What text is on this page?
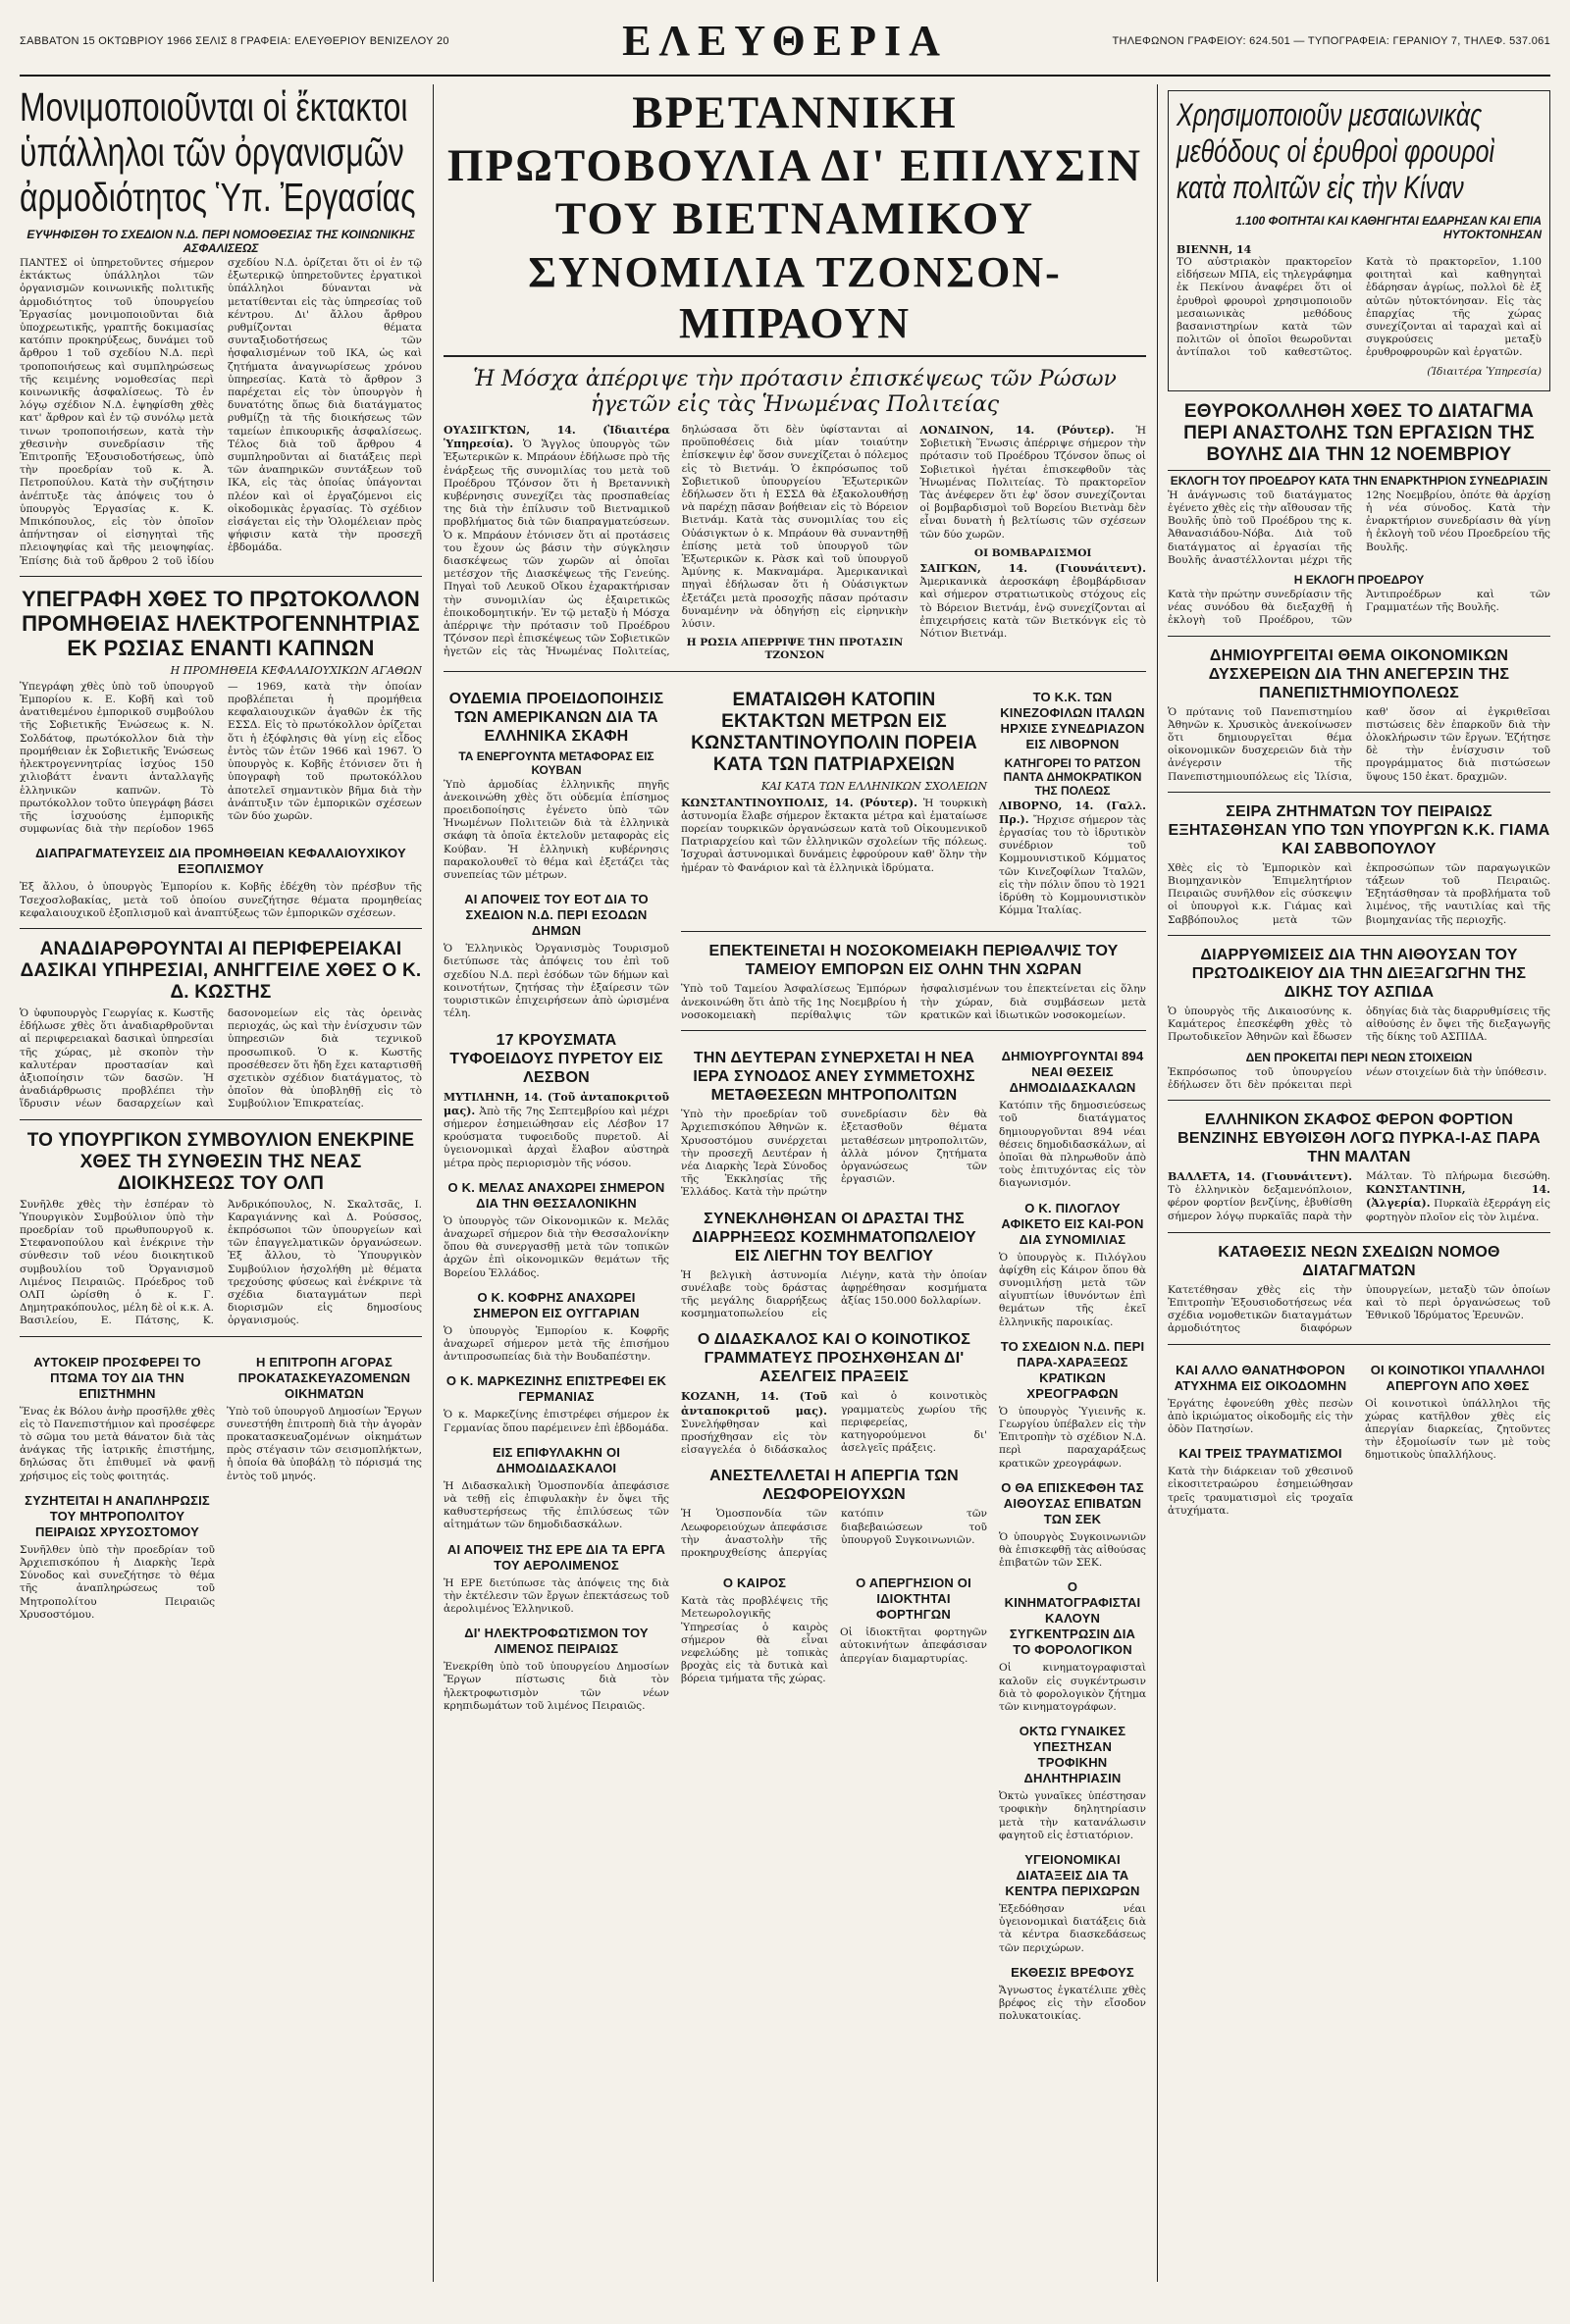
ΣΑΒΒΑΤΟΝ 15 ΟΚΤΩΒΡΙΟΥ 1966 ΣΕΛΙΣ 8 ΓΡΑΦΕΙΑ: ΕΛΕΥΘΕΡΙΟΥ ΒΕΝΙΖΕΛΟΥ 20	ΕΛΕΥΘΕΡΙΑ	ΤΗΛΕΦΩΝΟΝ ΓΡΑΦΕΙΟΥ: 624.501 — ΤΥΠΟΓΡΑΦΕΙΑ: ΓΕΡΑΝΙΟΥ 7, ΤΗΛΕΦ. 537.061
Μονιμοποιοῦνται οἱ ἔκτακτοι ὑπάλληλοι τῶν ὀργανισμῶν ἀρμοδιότητος Ὑπ. Ἐργασίας
ΕΥΨΗΦΙΣΘΗ ΤΟ ΣΧΕΔΙΟΝ Ν.Δ. ΠΕΡΙ ΝΟΜΟΘΕΣΙΑΣ ΤΗΣ ΚΟΙΝΩΝΙΚΗΣ ΑΣΦΑΛΙΣΕΩΣ
ΠΑΝΤΕΣ οἱ ὑπηρετοῦντες σήμερον ἐκτάκτως ὑπάλληλοι τῶν ὀργανισμῶν κοινωνικῆς πολιτικῆς ἁρμοδιότητος τοῦ ὑπουργείου Ἐργασίας μονιμοποιοῦνται διὰ ὑποχρεωτικῆς, γραπτῆς δοκιμασίας κατόπιν προκηρύξεως, δυνάμει τοῦ ἄρθρου 1 τοῦ σχεδίου Ν.Δ. περὶ τροποποιήσεως καὶ συμπληρώσεως τῆς κειμένης νομοθεσίας περὶ κοινωνικῆς ἀσφαλίσεως. Τὸ ἐν λόγῳ σχέδιον Ν.Δ. ἐψηφίσθη χθὲς κατ' ἄρθρον καὶ ἐν τῷ συνόλῳ μετὰ τινων τροποποιήσεων, κατὰ τὴν χθεσινὴν συνεδρίασιν τῆς Ἐπιτροπῆς Ἐξουσιοδοτήσεως, ὑπὸ τὴν προεδρίαν τοῦ κ. Ἀ. Πετροπούλου. Κατὰ τὴν συζήτησιν ἀνέπτυξε τὰς ἀπόψεις του ὁ ὑπουργὸς Ἐργασίας κ. Κ. Μπικόπουλος, εἰς τὸν ὁποῖον ἀπήντησαν οἱ εἰσηγηταὶ τῆς πλειοψηφίας καὶ τῆς μειοψηφίας. Ἐπίσης διὰ τοῦ ἄρθρου 2 τοῦ ἰδίου σχεδίου Ν.Δ. ὁρίζεται ὅτι οἱ ἐν τῷ ἐξωτερικῷ ὑπηρετοῦντες ἐργατικοὶ ὑπάλληλοι δύνανται νὰ μετατίθενται εἰς τὰς ὑπηρεσίας τοῦ κέντρου. Δι' ἄλλου ἄρθρου ρυθμίζονται θέματα συνταξιοδοτήσεως τῶν ἠσφαλισμένων τοῦ ΙΚΑ, ὡς καὶ ζητήματα ἀναγνωρίσεως χρόνου ὑπηρεσίας. Κατὰ τὸ ἄρθρον 3 παρέχεται εἰς τὸν ὑπουργὸν ἡ δυνατότης ὅπως διὰ διατάγματος ρυθμίζῃ τὰ τῆς διοικήσεως τῶν ταμείων ἐπικουρικῆς ἀσφαλίσεως. Τέλος διὰ τοῦ ἄρθρου 4 συμπληροῦνται αἱ διατάξεις περὶ τῶν ἀναπηρικῶν συντάξεων τοῦ ΙΚΑ, εἰς τὰς ὁποίας ὑπάγονται πλέον καὶ οἱ ἐργαζόμενοι εἰς οἰκοδομικὰς ἐργασίας. Τὸ σχέδιον εἰσάγεται εἰς τὴν Ὁλομέλειαν πρὸς ψήφισιν κατὰ τὴν προσεχῆ ἑβδομάδα.
ΥΠΕΓΡΑΦΗ ΧΘΕΣ ΤΟ ΠΡΩΤΟΚΟΛΛΟΝ ΠΡΟΜΗΘΕΙΑΣ ΗΛΕΚΤΡΟΓΕΝΝΗΤΡΙΑΣ ΕΚ ΡΩΣΙΑΣ ΕΝΑΝΤΙ ΚΑΠΝΩΝ
Η ΠΡΟΜΗΘΕΙΑ ΚΕΦΑΛΑΙΟΥΧΙΚΩΝ ΑΓΑΘΩΝ
Ὑπεγράφη χθὲς ὑπὸ τοῦ ὑπουργοῦ Ἐμπορίου κ. Ε. Κοβῆ καὶ τοῦ ἀνατιθεμένου ἐμπορικοῦ συμβούλου τῆς Σοβιετικῆς Ἑνώσεως κ. Ν. Σολδάτοφ, πρωτόκολλον διὰ τὴν προμήθειαν ἐκ Σοβιετικῆς Ἑνώσεως ἡλεκτρογεννητρίας ἰσχύος 150 χιλιοβάττ ἐναντι ἀνταλλαγῆς ἑλληνικῶν καπνῶν. Τὸ πρωτόκολλον τοῦτο ὑπεγράφη βάσει τῆς ἰσχυούσης ἐμπορικῆς συμφωνίας διὰ τὴν περίοδον 1965 — 1969, κατὰ τὴν ὁποίαν προβλέπεται ἡ προμήθεια κεφαλαιουχικῶν ἀγαθῶν ἐκ τῆς ΕΣΣΔ. Εἰς τὸ πρωτόκολλον ὁρίζεται ὅτι ἡ ἐξόφλησις θὰ γίνῃ εἰς εἶδος ἐντὸς τῶν ἐτῶν 1966 καὶ 1967. Ὁ ὑπουργὸς κ. Κοβῆς ἐτόνισεν ὅτι ἡ ὑπογραφὴ τοῦ πρωτοκόλλου ἀποτελεῖ σημαντικὸν βῆμα διὰ τὴν ἀνάπτυξιν τῶν ἐμπορικῶν σχέσεων τῶν δύο χωρῶν.
ΔΙΑΠΡΑΓΜΑΤΕΥΣΕΙΣ ΔΙΑ ΠΡΟΜΗΘΕΙΑΝ ΚΕΦΑΛΑΙΟΥΧΙΚΟΥ ΕΞΟΠΛΙΣΜΟΥ
Ἐξ ἄλλου, ὁ ὑπουργὸς Ἐμπορίου κ. Κοβῆς ἐδέχθη τὸν πρέσβυν τῆς Τσεχοσλοβακίας, μετὰ τοῦ ὁποίου συνεζήτησε θέματα προμηθείας κεφαλαιουχικοῦ ἐξοπλισμοῦ καὶ ἀναπτύξεως τῶν ἐμπορικῶν σχέσεων.
ΑΝΑΔΙΑΡΘΡΟΥΝΤΑΙ ΑΙ ΠΕΡΙΦΕΡΕΙΑΚΑΙ ΔΑΣΙΚΑΙ ΥΠΗΡΕΣΙΑΙ, ΑΝΗΓΓΕΙΛΕ ΧΘΕΣ Ο Κ. Δ. ΚΩΣΤΗΣ
Ὁ ὑφυπουργὸς Γεωργίας κ. Κωστῆς ἐδήλωσε χθὲς ὅτι ἀναδιαρθροῦνται αἱ περιφερειακαὶ δασικαὶ ὑπηρεσίαι τῆς χώρας, μὲ σκοπὸν τὴν καλυτέραν προστασίαν καὶ ἀξιοποίησιν τῶν δασῶν. Ἡ ἀναδιάρθρωσις προβλέπει τὴν ἵδρυσιν νέων δασαρχείων καὶ δασονομείων εἰς τὰς ὀρεινὰς περιοχάς, ὡς καὶ τὴν ἐνίσχυσιν τῶν ὑπηρεσιῶν διὰ τεχνικοῦ προσωπικοῦ. Ὁ κ. Κωστῆς προσέθεσεν ὅτι ἤδη ἔχει καταρτισθῆ σχετικὸν σχέδιον διατάγματος, τὸ ὁποῖον θὰ ὑποβληθῇ εἰς τὸ Συμβούλιον Ἐπικρατείας.
ΤΟ ΥΠΟΥΡΓΙΚΟΝ ΣΥΜΒΟΥΛΙΟΝ ΕΝΕΚΡΙΝΕ ΧΘΕΣ ΤΗ ΣΥΝΘΕΣΙΝ ΤΗΣ ΝΕΑΣ ΔΙΟΙΚΗΣΕΩΣ ΤΟΥ ΟΛΠ
Συνῆλθε χθὲς τὴν ἑσπέραν τὸ Ὑπουργικὸν Συμβούλιον ὑπὸ τὴν προεδρίαν τοῦ πρωθυπουργοῦ κ. Στεφανοπούλου καὶ ἐνέκρινε τὴν σύνθεσιν τοῦ νέου διοικητικοῦ συμβουλίου τοῦ Ὀργανισμοῦ Λιμένος Πειραιῶς. Πρόεδρος τοῦ ΟΛΠ ὡρίσθη ὁ κ. Γ. Δημητρακόπουλος, μέλη δὲ οἱ κ.κ. Α. Βασιλείου, Ε. Πάτσης, Κ. Ἀνδρικόπουλος, Ν. Σκαλτσᾶς, Ι. Καραγιάννης καὶ Δ. Ρούσσος, ἐκπρόσωποι τῶν ὑπουργείων καὶ τῶν ἐπαγγελματικῶν ὀργανώσεων. Ἐξ ἄλλου, τὸ Ὑπουργικὸν Συμβούλιον ἠσχολήθη μὲ θέματα τρεχούσης φύσεως καὶ ἐνέκρινε τὰ σχέδια διαταγμάτων περὶ διορισμῶν εἰς δημοσίους ὀργανισμούς.
ΑΥΤΟΚΕΙΡ ΠΡΟΣΦΕΡΕΙ ΤΟ ΠΤΩΜΑ ΤΟΥ ΔΙΑ ΤΗΝ ΕΠΙΣΤΗΜΗΝ
Ἕνας ἐκ Βόλου ἀνὴρ προσῆλθε χθὲς εἰς τὸ Πανεπιστήμιον καὶ προσέφερε τὸ σῶμα του μετὰ θάνατον διὰ τὰς ἀνάγκας τῆς ἰατρικῆς ἐπιστήμης, δηλώσας ὅτι ἐπιθυμεῖ νὰ φανῇ χρήσιμος εἰς τοὺς φοιτητάς.
ΣΥΖΗΤΕΙΤΑΙ Η ΑΝΑΠΛΗΡΩΣΙΣ ΤΟΥ ΜΗΤΡΟΠΟΛΙΤΟΥ ΠΕΙΡΑΙΩΣ ΧΡΥΣΟΣΤΟΜΟΥ
Συνῆλθεν ὑπὸ τὴν προεδρίαν τοῦ Ἀρχιεπισκόπου ἡ Διαρκὴς Ἱερὰ Σύνοδος καὶ συνεζήτησε τὸ θέμα τῆς ἀναπληρώσεως τοῦ Μητροπολίτου Πειραιῶς Χρυσοστόμου.
Η ΕΠΙΤΡΟΠΗ ΑΓΟΡΑΣ ΠΡΟΚΑΤΑΣΚΕΥΑΖΟΜΕΝΩΝ ΟΙΚΗΜΑΤΩΝ
Ὑπὸ τοῦ ὑπουργοῦ Δημοσίων Ἔργων συνεστήθη ἐπιτροπὴ διὰ τὴν ἀγορὰν προκατασκευαζομένων οἰκημάτων πρὸς στέγασιν τῶν σεισμοπλήκτων, ἡ ὁποία θὰ ὑποβάλῃ τὸ πόρισμά της ἐντὸς τοῦ μηνός.
ΒΡΕΤΑΝΝΙΚΗ ΠΡΩΤΟΒΟΥΛΙΑ ΔΙ' ΕΠΙΛΥΣΙΝ ΤΟΥ ΒΙΕΤΝΑΜΙΚΟΥ
ΣΥΝΟΜΙΛΙΑ ΤΖΟΝΣΟΝ-ΜΠΡΑΟΥΝ
Ἡ Μόσχα ἀπέρριψε τὴν πρότασιν ἐπισκέψεως τῶν Ρώσων ἡγετῶν εἰς τὰς Ἡνωμένας Πολιτείας
ΟΥΑΣΙΓΚΤΩΝ, 14. (Ἰδιαιτέρα Ὑπηρεσία). Ὁ Ἄγγλος ὑπουργὸς τῶν Ἐξωτερικῶν κ. Μπράουν ἐδήλωσε πρὸ τῆς ἐνάρξεως τῆς συνομιλίας του μετὰ τοῦ Προέδρου Τζόνσον ὅτι ἡ Βρεταννικὴ κυβέρνησις συνεχίζει τὰς προσπαθείας της διὰ τὴν ἐπίλυσιν τοῦ Βιετναμικοῦ προβλήματος διὰ τῶν διαπραγματεύσεων. Ὁ κ. Μπράουν ἐτόνισεν ὅτι αἱ προτάσεις του ἔχουν ὡς βάσιν τὴν σύγκλησιν διασκέψεως τῶν χωρῶν αἱ ὁποῖαι μετέσχον τῆς Διασκέψεως τῆς Γενεύης. Πηγαὶ τοῦ Λευκοῦ Οἴκου ἐχαρακτήρισαν τὴν συνομιλίαν ὡς ἐξαιρετικῶς ἐποικοδομητικήν. Ἐν τῷ μεταξὺ ἡ Μόσχα ἀπέρριψε τὴν πρότασιν τοῦ Προέδρου Τζόνσον περὶ ἐπισκέψεως τῶν Σοβιετικῶν ἡγετῶν εἰς τὰς Ἡνωμένας Πολιτείας, δηλώσασα ὅτι δὲν ὑφίστανται αἱ προϋποθέσεις διὰ μίαν τοιαύτην ἐπίσκεψιν ἐφ' ὅσον συνεχίζεται ὁ πόλεμος εἰς τὸ Βιετνάμ. Ὁ ἐκπρόσωπος τοῦ Σοβιετικοῦ ὑπουργείου Ἐξωτερικῶν ἐδήλωσεν ὅτι ἡ ΕΣΣΔ θὰ ἐξακολουθήσῃ νὰ παρέχῃ πᾶσαν βοήθειαν εἰς τὸ Βόρειον Βιετνάμ. Κατὰ τὰς συνομιλίας του εἰς Οὐάσιγκτων ὁ κ. Μπράουν θὰ συναντηθῇ ἐπίσης μετὰ τοῦ ὑπουργοῦ τῶν Ἐξωτερικῶν κ. Ρὰσκ καὶ τοῦ ὑπουργοῦ Ἀμύνης κ. Μακναμάρα. Ἀμερικανικαὶ πηγαὶ ἐδήλωσαν ὅτι ἡ Οὐάσιγκτων ἐξετάζει μετὰ προσοχῆς πᾶσαν πρότασιν δυναμένην νὰ ὁδηγήσῃ εἰς εἰρηνικὴν λύσιν.
Η ΡΩΣΙΑ ΑΠΕΡΡΙΨΕ ΤΗΝ ΠΡΟΤΑΣΙΝ ΤΖΟΝΣΟΝ
ΛΟΝΔΙΝΟΝ, 14. (Ρόυτερ). Ἡ Σοβιετικὴ Ἕνωσις ἀπέρριψε σήμερον τὴν πρότασιν τοῦ Προέδρου Τζόνσον ὅπως οἱ Σοβιετικοὶ ἡγέται ἐπισκεφθοῦν τὰς Ἡνωμένας Πολιτείας. Τὸ πρακτορεῖον Τὰς ἀνέφερεν ὅτι ἐφ' ὅσον συνεχίζονται οἱ βομβαρδισμοὶ τοῦ Βορείου Βιετνὰμ δὲν εἶναι δυνατὴ ἡ βελτίωσις τῶν σχέσεων τῶν δύο χωρῶν.
ΟΙ ΒΟΜΒΑΡΔΙΣΜΟΙ
ΣΑΙΓΚΩΝ, 14. (Γιουνάιτεντ). Ἀμερικανικὰ ἀεροσκάφη ἐβομβάρδισαν καὶ σήμερον στρατιωτικοὺς στόχους εἰς τὸ Βόρειον Βιετνάμ, ἐνῷ συνεχίζονται αἱ ἐπιχειρήσεις κατὰ τῶν Βιετκόνγκ εἰς τὸ Νότιον Βιετνάμ.
ΟΥΔΕΜΙΑ ΠΡΟΕΙΔΟΠΟΙΗΣΙΣ ΤΩΝ ΑΜΕΡΙΚΑΝΩΝ ΔΙΑ ΤΑ ΕΛΛΗΝΙΚΑ ΣΚΑΦΗ
ΤΑ ΕΝΕΡΓΟΥΝΤΑ ΜΕΤΑΦΟΡΑΣ ΕΙΣ ΚΟΥΒΑΝ
Ὑπὸ ἁρμοδίας ἑλληνικῆς πηγῆς ἀνεκοινώθη χθὲς ὅτι οὐδεμία ἐπίσημος προειδοποίησις ἐγένετο ὑπὸ τῶν Ἡνωμένων Πολιτειῶν διὰ τὰ ἑλληνικὰ σκάφη τὰ ὁποῖα ἐκτελοῦν μεταφορὰς εἰς Κούβαν. Ἡ ἑλληνικὴ κυβέρνησις παρακολουθεῖ τὸ θέμα καὶ ἐξετάζει τὰς συνεπείας τῶν μέτρων.
ΑΙ ΑΠΟΨΕΙΣ ΤΟΥ ΕΟΤ ΔΙΑ ΤΟ ΣΧΕΔΙΟΝ Ν.Δ. ΠΕΡΙ ΕΣΟΔΩΝ ΔΗΜΩΝ
Ὁ Ἑλληνικὸς Ὀργανισμὸς Τουρισμοῦ διετύπωσε τὰς ἀπόψεις του ἐπὶ τοῦ σχεδίου Ν.Δ. περὶ ἐσόδων τῶν δήμων καὶ κοινοτήτων, ζητήσας τὴν ἐξαίρεσιν τῶν τουριστικῶν ἐπιχειρήσεων ἀπὸ ὡρισμένα τέλη.
17 ΚΡΟΥΣΜΑΤΑ ΤΥΦΟΕΙΔΟΥΣ ΠΥΡΕΤΟΥ ΕΙΣ ΛΕΣΒΟΝ
ΜΥΤΙΛΗΝΗ, 14. (Τοῦ ἀνταποκριτοῦ μας). Ἀπὸ τῆς 7ης Σεπτεμβρίου καὶ μέχρι σήμερον ἐσημειώθησαν εἰς Λέσβον 17 κρούσματα τυφοειδοῦς πυρετοῦ. Αἱ ὑγειονομικαὶ ἀρχαὶ ἔλαβον αὐστηρὰ μέτρα πρὸς περιορισμὸν τῆς νόσου.
Ο Κ. ΜΕΛΑΣ ΑΝΑΧΩΡΕΙ ΣΗΜΕΡΟΝ ΔΙΑ ΤΗΝ ΘΕΣΣΑΛΟΝΙΚΗΝ
Ὁ ὑπουργὸς τῶν Οἰκονομικῶν κ. Μελᾶς ἀναχωρεῖ σήμερον διὰ τὴν Θεσσαλονίκην ὅπου θὰ συνεργασθῇ μετὰ τῶν τοπικῶν ἀρχῶν ἐπὶ οἰκονομικῶν θεμάτων τῆς Βορείου Ἑλλάδος.
Ο Κ. ΚΟΦΡΗΣ ΑΝΑΧΩΡΕΙ ΣΗΜΕΡΟΝ ΕΙΣ ΟΥΓΓΑΡΙΑΝ
Ὁ ὑπουργὸς Ἐμπορίου κ. Κοφρῆς ἀναχωρεῖ σήμερον μετὰ τῆς ἐπισήμου ἀντιπροσωπείας διὰ τὴν Βουδαπέστην.
Ο Κ. ΜΑΡΚΕΖΙΝΗΣ ΕΠΙΣΤΡΕΦΕΙ ΕΚ ΓΕΡΜΑΝΙΑΣ
Ὁ κ. Μαρκεζίνης ἐπιστρέφει σήμερον ἐκ Γερμανίας ὅπου παρέμεινεν ἐπὶ ἑβδομάδα.
ΕΙΣ ΕΠΙΦΥΛΑΚΗΝ ΟΙ ΔΗΜΟΔΙΔΑΣΚΑΛΟΙ
Ἡ Διδασκαλικὴ Ὁμοσπονδία ἀπεφάσισε νὰ τεθῇ εἰς ἐπιφυλακὴν ἐν ὄψει τῆς καθυστερήσεως τῆς ἐπιλύσεως τῶν αἰτημάτων τῶν δημοδιδασκάλων.
ΑΙ ΑΠΟΨΕΙΣ ΤΗΣ ΕΡΕ ΔΙΑ ΤΑ ΕΡΓΑ ΤΟΥ ΑΕΡΟΛΙΜΕΝΟΣ
Ἡ ΕΡΕ διετύπωσε τὰς ἀπόψεις της διὰ τὴν ἐκτέλεσιν τῶν ἔργων ἐπεκτάσεως τοῦ ἀερολιμένος Ἑλληνικοῦ.
ΔΙ' ΗΛΕΚΤΡΟΦΩΤΙΣΜΟΝ ΤΟΥ ΛΙΜΕΝΟΣ ΠΕΙΡΑΙΩΣ
Ἐνεκρίθη ὑπὸ τοῦ ὑπουργείου Δημοσίων Ἔργων πίστωσις διὰ τὸν ἠλεκτροφωτισμὸν τῶν νέων κρηπιδωμάτων τοῦ λιμένος Πειραιῶς.
ΕΜΑΤΑΙΩΘΗ ΚΑΤΟΠΙΝ ΕΚΤΑΚΤΩΝ ΜΕΤΡΩΝ ΕΙΣ ΚΩΝΣΤΑΝΤΙΝΟΥΠΟΛΙΝ ΠΟΡΕΙΑ ΚΑΤΑ ΤΩΝ ΠΑΤΡΙΑΡΧΕΙΩΝ
ΚΑΙ ΚΑΤΑ ΤΩΝ ΕΛΛΗΝΙΚΩΝ ΣΧΟΛΕΙΩΝ
ΚΩΝΣΤΑΝΤΙΝΟΥΠΟΛΙΣ, 14. (Ρόυτερ). Ἡ τουρκικὴ ἀστυνομία ἔλαβε σήμερον ἔκτακτα μέτρα καὶ ἐματαίωσε πορείαν τουρκικῶν ὀργανώσεων κατὰ τοῦ Οἰκουμενικοῦ Πατριαρχείου καὶ τῶν ἑλληνικῶν σχολείων τῆς πόλεως. Ἰσχυραὶ ἀστυνομικαὶ δυνάμεις ἐφρούρουν καθ' ὅλην τὴν ἡμέραν τὸ Φανάριον καὶ τὰ ἑλληνικὰ ἱδρύματα.
ΤΟ Κ.Κ. ΤΩΝ ΚΙΝΕΖΟΦΙΛΩΝ ΙΤΑΛΩΝ ΗΡΧΙΣΕ ΣΥΝΕΔΡΙΑΖΟΝ ΕΙΣ ΛΙΒΟΡΝΟΝ
ΚΑΤΗΓΟΡΕΙ ΤΟ ΡΑΤΣΟΝ ΠΑΝΤΑ ΔΗΜΟΚΡΑΤΙΚΟΝ ΤΗΣ ΠΟΛΕΩΣ
ΛΙΒΟΡΝΟ, 14. (Γαλλ. Πρ.). Ἤρχισε σήμερον τὰς ἐργασίας του τὸ ἱδρυτικὸν συνέδριον τοῦ Κομμουνιστικοῦ Κόμματος τῶν Κινεζοφίλων Ἰταλῶν, εἰς τὴν πόλιν ὅπου τὸ 1921 ἱδρύθη τὸ Κομμουνιστικὸν Κόμμα Ἰταλίας.
ΕΠΕΚΤΕΙΝΕΤΑΙ Η ΝΟΣΟΚΟΜΕΙΑΚΗ ΠΕΡΙΘΑΛΨΙΣ ΤΟΥ ΤΑΜΕΙΟΥ ΕΜΠΟΡΩΝ ΕΙΣ ΟΛΗΝ ΤΗΝ ΧΩΡΑΝ
Ὑπὸ τοῦ Ταμείου Ἀσφαλίσεως Ἐμπόρων ἀνεκοινώθη ὅτι ἀπὸ τῆς 1ης Νοεμβρίου ἡ νοσοκομειακὴ περίθαλψις τῶν ἠσφαλισμένων του ἐπεκτείνεται εἰς ὅλην τὴν χώραν, διὰ συμβάσεων μετὰ κρατικῶν καὶ ἰδιωτικῶν νοσοκομείων.
ΤΗΝ ΔΕΥΤΕΡΑΝ ΣΥΝΕΡΧΕΤΑΙ Η ΝΕΑ ΙΕΡΑ ΣΥΝΟΔΟΣ ΑΝΕΥ ΣΥΜΜΕΤΟΧΗΣ ΜΕΤΑΘΕΣΕΩΝ ΜΗΤΡΟΠΟΛΙΤΩΝ
Ὑπὸ τὴν προεδρίαν τοῦ Ἀρχιεπισκόπου Ἀθηνῶν κ. Χρυσοστόμου συνέρχεται τὴν προσεχῆ Δευτέραν ἡ νέα Διαρκὴς Ἱερὰ Σύνοδος τῆς Ἐκκλησίας τῆς Ἑλλάδος. Κατὰ τὴν πρώτην συνεδρίασιν δὲν θὰ ἐξετασθοῦν θέματα μεταθέσεων μητροπολιτῶν, ἀλλὰ μόνον ζητήματα ὀργανώσεως τῶν ἐργασιῶν.
ΣΥΝΕΚΛΗΘΗΣΑΝ ΟΙ ΔΡΑΣΤΑΙ ΤΗΣ ΔΙΑΡΡΗΞΕΩΣ ΚΟΣΜΗΜΑΤΟΠΩΛΕΙΟΥ ΕΙΣ ΛΙΕΓΗΝ ΤΟΥ ΒΕΛΓΙΟΥ
Ἡ βελγικὴ ἀστυνομία συνέλαβε τοὺς δράστας τῆς μεγάλης διαρρήξεως κοσμηματοπωλείου εἰς Λιέγην, κατὰ τὴν ὁποίαν ἀφῃρέθησαν κοσμήματα ἀξίας 150.000 δολλαρίων.
Ο ΔΙΔΑΣΚΑΛΟΣ ΚΑΙ Ο ΚΟΙΝΟΤΙΚΟΣ ΓΡΑΜΜΑΤΕΥΣ ΠΡΟΣΗΧΘΗΣΑΝ ΔΙ' ΑΣΕΛΓΕΙΣ ΠΡΑΞΕΙΣ
ΚΟΖΑΝΗ, 14. (Τοῦ ἀνταποκριτοῦ μας). Συνελήφθησαν καὶ προσήχθησαν εἰς τὸν εἰσαγγελέα ὁ διδάσκαλος καὶ ὁ κοινοτικὸς γραμματεὺς χωρίου τῆς περιφερείας, κατηγορούμενοι δι' ἀσελγεῖς πράξεις.
ΑΝΕΣΤΕΛΛΕΤΑΙ Η ΑΠΕΡΓΙΑ ΤΩΝ ΛΕΩΦΟΡΕΙΟΥΧΩΝ
Ἡ Ὁμοσπονδία τῶν Λεωφορειούχων ἀπεφάσισε τὴν ἀναστολὴν τῆς προκηρυχθείσης ἀπεργίας κατόπιν τῶν διαβεβαιώσεων τοῦ ὑπουργοῦ Συγκοινωνιῶν.
Ο ΚΑΙΡΟΣ
Κατὰ τὰς προβλέψεις τῆς Μετεωρολογικῆς Ὑπηρεσίας ὁ καιρὸς σήμερον θὰ εἶναι νεφελώδης μὲ τοπικὰς βροχὰς εἰς τὰ δυτικὰ καὶ βόρεια τμήματα τῆς χώρας.
Ο ΑΠΕΡΓΗΣΙΟΝ ΟΙ ΙΔΙΟΚΤΗΤΑΙ ΦΟΡΤΗΓΩΝ
Οἱ ἰδιοκτῆται φορτηγῶν αὐτοκινήτων ἀπεφάσισαν ἀπεργίαν διαμαρτυρίας.
ΔΗΜΙΟΥΡΓΟΥΝΤΑΙ 894 ΝΕΑΙ ΘΕΣΕΙΣ ΔΗΜΟΔΙΔΑΣΚΑΛΩΝ
Κατόπιν τῆς δημοσιεύσεως τοῦ διατάγματος δημιουργοῦνται 894 νέαι θέσεις δημοδιδασκάλων, αἱ ὁποῖαι θὰ πληρωθοῦν ἀπὸ τοὺς ἐπιτυχόντας εἰς τὸν διαγωνισμόν.
Ο Κ. ΠΙΛΟΓΛΟΥ ΑΦΙΚΕΤΟ ΕΙΣ ΚΑΙ-ΡΟΝ ΔΙΑ ΣΥΝΟΜΙΛΙΑΣ
Ὁ ὑπουργὸς κ. Πιλόγλου ἀφίχθη εἰς Κάιρον ὅπου θὰ συνομιλήσῃ μετὰ τῶν αἰγυπτίων ἰθυνόντων ἐπὶ θεμάτων τῆς ἐκεῖ ἑλληνικῆς παροικίας.
ΤΟ ΣΧΕΔΙΟΝ Ν.Δ. ΠΕΡΙ ΠΑΡΑ-ΧΑΡΑΞΕΩΣ ΚΡΑΤΙΚΩΝ ΧΡΕΟΓΡΑΦΩΝ
Ὁ ὑπουργὸς Ὑγιεινῆς κ. Γεωργίου ὑπέβαλεν εἰς τὴν Ἐπιτροπὴν τὸ σχέδιον Ν.Δ. περὶ παραχαράξεως κρατικῶν χρεογράφων.
Ο ΘΑ ΕΠΙΣΚΕΦΘΗ ΤΑΣ ΑΙΘΟΥΣΑΣ ΕΠΙΒΑΤΩΝ ΤΩΝ ΣΕΚ
Ὁ ὑπουργὸς Συγκοινωνιῶν θὰ ἐπισκεφθῇ τὰς αἰθούσας ἐπιβατῶν τῶν ΣΕΚ.
Ο ΚΙΝΗΜΑΤΟΓΡΑΦΙΣΤΑΙ ΚΑΛΟΥΝ ΣΥΓΚΕΝΤΡΩΣΙΝ ΔΙΑ ΤΟ ΦΟΡΟΛΟΓΙΚΟΝ
Οἱ κινηματογραφισταὶ καλοῦν εἰς συγκέντρωσιν διὰ τὸ φορολογικὸν ζήτημα τῶν κινηματογράφων.
ΟΚΤΩ ΓΥΝΑΙΚΕΣ ΥΠΕΣΤΗΣΑΝ ΤΡΟΦΙΚΗΝ ΔΗΛΗΤΗΡΙΑΣΙΝ
Ὀκτὼ γυναῖκες ὑπέστησαν τροφικὴν δηλητηρίασιν μετὰ τὴν κατανάλωσιν φαγητοῦ εἰς ἑστιατόριον.
ΥΓΕΙΟΝΟΜΙΚΑΙ ΔΙΑΤΑΞΕΙΣ ΔΙΑ ΤΑ ΚΕΝΤΡΑ ΠΕΡΙΧΩΡΩΝ
Ἐξεδόθησαν νέαι ὑγειονομικαὶ διατάξεις διὰ τὰ κέντρα διασκεδάσεως τῶν περιχώρων.
ΕΚΘΕΣΙΣ ΒΡΕΦΟΥΣ
Ἄγνωστος ἐγκατέλιπε χθὲς βρέφος εἰς τὴν εἴσοδον πολυκατοικίας.
Χρησιμοποιοῦν μεσαιωνικὰς μεθόδους οἱ ἐρυθροὶ φρουροὶ κατὰ πολιτῶν εἰς τὴν Κίναν
1.100 ΦΟΙΤΗΤΑΙ ΚΑΙ ΚΑΘΗΓΗΤΑΙ ΕΔΑΡΗΣΑΝ ΚΑΙ ΕΠΙΑ ΗΥΤΟΚΤΟΝΗΣΑΝ
ΒΙΕΝΝΗ, 14
ΤΟ αὐστριακὸν πρακτορεῖον εἰδήσεων ΜΠΑ, εἰς τηλεγράφημα ἐκ Πεκίνου ἀναφέρει ὅτι οἱ ἐρυθροὶ φρουροὶ χρησιμοποιοῦν μεσαιωνικὰς μεθόδους βασανιστηρίων κατὰ τῶν πολιτῶν οἱ ὁποῖοι θεωροῦνται ἀντίπαλοι τοῦ καθεστῶτος. Κατὰ τὸ πρακτορεῖον, 1.100 φοιτηταὶ καὶ καθηγηταὶ ἐδάρησαν ἀγρίως, πολλοὶ δὲ ἐξ αὐτῶν ηὐτοκτόνησαν. Εἰς τὰς ἐπαρχίας τῆς χώρας συνεχίζονται αἱ ταραχαὶ καὶ αἱ συγκρούσεις μεταξὺ ἐρυθροφρουρῶν καὶ ἐργατῶν.
(Ἰδιαιτέρα Ὑπηρεσία)
ΕΘΥΡΟΚΟΛΛΗΘΗ ΧΘΕΣ ΤΟ ΔΙΑΤΑΓΜΑ ΠΕΡΙ ΑΝΑΣΤΟΛΗΣ ΤΩΝ ΕΡΓΑΣΙΩΝ ΤΗΣ ΒΟΥΛΗΣ ΔΙΑ ΤΗΝ 12 ΝΟΕΜΒΡΙΟΥ
ΕΚΛΟΓΗ ΤΟΥ ΠΡΟΕΔΡΟΥ ΚΑΤΑ ΤΗΝ ΕΝΑΡΚΤΗΡΙΟΝ ΣΥΝΕΔΡΙΑΣΙΝ
Ἡ ἀνάγνωσις τοῦ διατάγματος ἐγένετο χθὲς εἰς τὴν αἴθουσαν τῆς Βουλῆς ὑπὸ τοῦ Προέδρου της κ. Ἀθανασιάδου-Νόβα. Διὰ τοῦ διατάγματος αἱ ἐργασίαι τῆς Βουλῆς ἀναστέλλονται μέχρι τῆς 12ης Νοεμβρίου, ὁπότε θὰ ἀρχίσῃ ἡ νέα σύνοδος. Κατὰ τὴν ἐναρκτήριον συνεδρίασιν θὰ γίνῃ ἡ ἐκλογὴ τοῦ νέου Προεδρείου τῆς Βουλῆς.
Η ΕΚΛΟΓΗ ΠΡΟΕΔΡΟΥ
Κατὰ τὴν πρώτην συνεδρίασιν τῆς νέας συνόδου θὰ διεξαχθῇ ἡ ἐκλογὴ τοῦ Προέδρου, τῶν Ἀντιπροέδρων καὶ τῶν Γραμματέων τῆς Βουλῆς.
ΔΗΜΙΟΥΡΓΕΙΤΑΙ ΘΕΜΑ ΟΙΚΟΝΟΜΙΚΩΝ ΔΥΣΧΕΡΕΙΩΝ ΔΙΑ ΤΗΝ ΑΝΕΓΕΡΣΙΝ ΤΗΣ ΠΑΝΕΠΙΣΤΗΜΙΟΥΠΟΛΕΩΣ
Ὁ πρύτανις τοῦ Πανεπιστημίου Ἀθηνῶν κ. Χρυσικὸς ἀνεκοίνωσεν ὅτι δημιουργεῖται θέμα οἰκονομικῶν δυσχερειῶν διὰ τὴν ἀνέγερσιν τῆς Πανεπιστημιουπόλεως εἰς Ἰλίσια, καθ' ὅσον αἱ ἐγκριθεῖσαι πιστώσεις δὲν ἐπαρκοῦν διὰ τὴν ὁλοκλήρωσιν τῶν ἔργων. Ἐζήτησε δὲ τὴν ἐνίσχυσιν τοῦ προγράμματος διὰ πιστώσεων ὕψους 150 ἑκατ. δραχμῶν.
ΣΕΙΡΑ ΖΗΤΗΜΑΤΩΝ ΤΟΥ ΠΕΙΡΑΙΩΣ ΕΞΗΤΑΣΘΗΣΑΝ ΥΠΟ ΤΩΝ ΥΠΟΥΡΓΩΝ Κ.Κ. ΓΙΑΜΑ ΚΑΙ ΣΑΒΒΟΠΟΥΛΟΥ
Χθὲς εἰς τὸ Ἐμπορικὸν καὶ Βιομηχανικὸν Ἐπιμελητήριον Πειραιῶς συνῆλθον εἰς σύσκεψιν οἱ ὑπουργοὶ κ.κ. Γιάμας καὶ Σαββόπουλος μετὰ τῶν ἐκπροσώπων τῶν παραγωγικῶν τάξεων τοῦ Πειραιῶς. Ἐξητάσθησαν τὰ προβλήματα τοῦ λιμένος, τῆς ναυτιλίας καὶ τῆς βιομηχανίας τῆς περιοχῆς.
ΔΙΑΡΡΥΘΜΙΣΕΙΣ ΔΙΑ ΤΗΝ ΑΙΘΟΥΣΑΝ ΤΟΥ ΠΡΩΤΟΔΙΚΕΙΟΥ ΔΙΑ ΤΗΝ ΔΙΕΞΑΓΩΓΗΝ ΤΗΣ ΔΙΚΗΣ ΤΟΥ ΑΣΠΙΔΑ
Ὁ ὑπουργὸς τῆς Δικαιοσύνης κ. Καμάτερος ἐπεσκέφθη χθὲς τὸ Πρωτοδικεῖον Ἀθηνῶν καὶ ἔδωσεν ὁδηγίας διὰ τὰς διαρρυθμίσεις τῆς αἰθούσης ἐν ὄψει τῆς διεξαγωγῆς τῆς δίκης τοῦ ΑΣΠΙΔΑ.
ΔΕΝ ΠΡΟΚΕΙΤΑΙ ΠΕΡΙ ΝΕΩΝ ΣΤΟΙΧΕΙΩΝ
Ἐκπρόσωπος τοῦ ὑπουργείου ἐδήλωσεν ὅτι δὲν πρόκειται περὶ νέων στοιχείων διὰ τὴν ὑπόθεσιν.
ΕΛΛΗΝΙΚΟΝ ΣΚΑΦΟΣ ΦΕΡΟΝ ΦΟΡΤΙΟΝ ΒΕΝΖΙΝΗΣ ΕΒΥΘΙΣΘΗ ΛΟΓΩ ΠΥΡΚΑ-Ι-ΑΣ ΠΑΡΑ ΤΗΝ ΜΑΛΤΑΝ
ΒΑΛΛΕΤΑ, 14. (Γιουνάιτεντ). Τὸ ἑλληνικὸν δεξαμενόπλοιον, φέρον φορτίον βενζίνης, ἐβυθίσθη σήμερον λόγῳ πυρκαϊᾶς παρὰ τὴν Μάλταν. Τὸ πλήρωμα διεσώθη. ΚΩΝΣΤΑΝΤΙΝΗ, 14. (Ἀλγερία). Πυρκαϊὰ ἐξερράγη εἰς φορτηγὸν πλοῖον εἰς τὸν λιμένα.
ΚΑΤΑΘΕΣΙΣ ΝΕΩΝ ΣΧΕΔΙΩΝ ΝΟΜΟΘ ΔΙΑΤΑΓΜΑΤΩΝ
Κατετέθησαν χθὲς εἰς τὴν Ἐπιτροπὴν Ἐξουσιοδοτήσεως νέα σχέδια νομοθετικῶν διαταγμάτων ἀρμοδιότητος διαφόρων ὑπουργείων, μεταξὺ τῶν ὁποίων καὶ τὸ περὶ ὀργανώσεως τοῦ Ἐθνικοῦ Ἱδρύματος Ἐρευνῶν.
ΚΑΙ ΑΛΛΟ ΘΑΝΑΤΗΦΟΡΟΝ ΑΤΥΧΗΜΑ ΕΙΣ ΟΙΚΟΔΟΜΗΝ
Ἐργάτης ἐφονεύθη χθὲς πεσὼν ἀπὸ ἰκριώματος οἰκοδομῆς εἰς τὴν ὁδὸν Πατησίων.
ΚΑΙ ΤΡΕΙΣ ΤΡΑΥΜΑΤΙΣΜΟΙ
Κατὰ τὴν διάρκειαν τοῦ χθεσινοῦ εἰκοσιτετραώρου ἐσημειώθησαν τρεῖς τραυματισμοὶ εἰς τροχαῖα ἀτυχήματα.
ΟΙ ΚΟΙΝΟΤΙΚΟΙ ΥΠΑΛΛΗΛΟΙ ΑΠΕΡΓΟΥΝ ΑΠΟ ΧΘΕΣ
Οἱ κοινοτικοὶ ὑπάλληλοι τῆς χώρας κατῆλθον χθὲς εἰς ἀπεργίαν διαρκείας, ζητοῦντες τὴν ἐξομοίωσίν των μὲ τοὺς δημοτικοὺς ὑπαλλήλους.
